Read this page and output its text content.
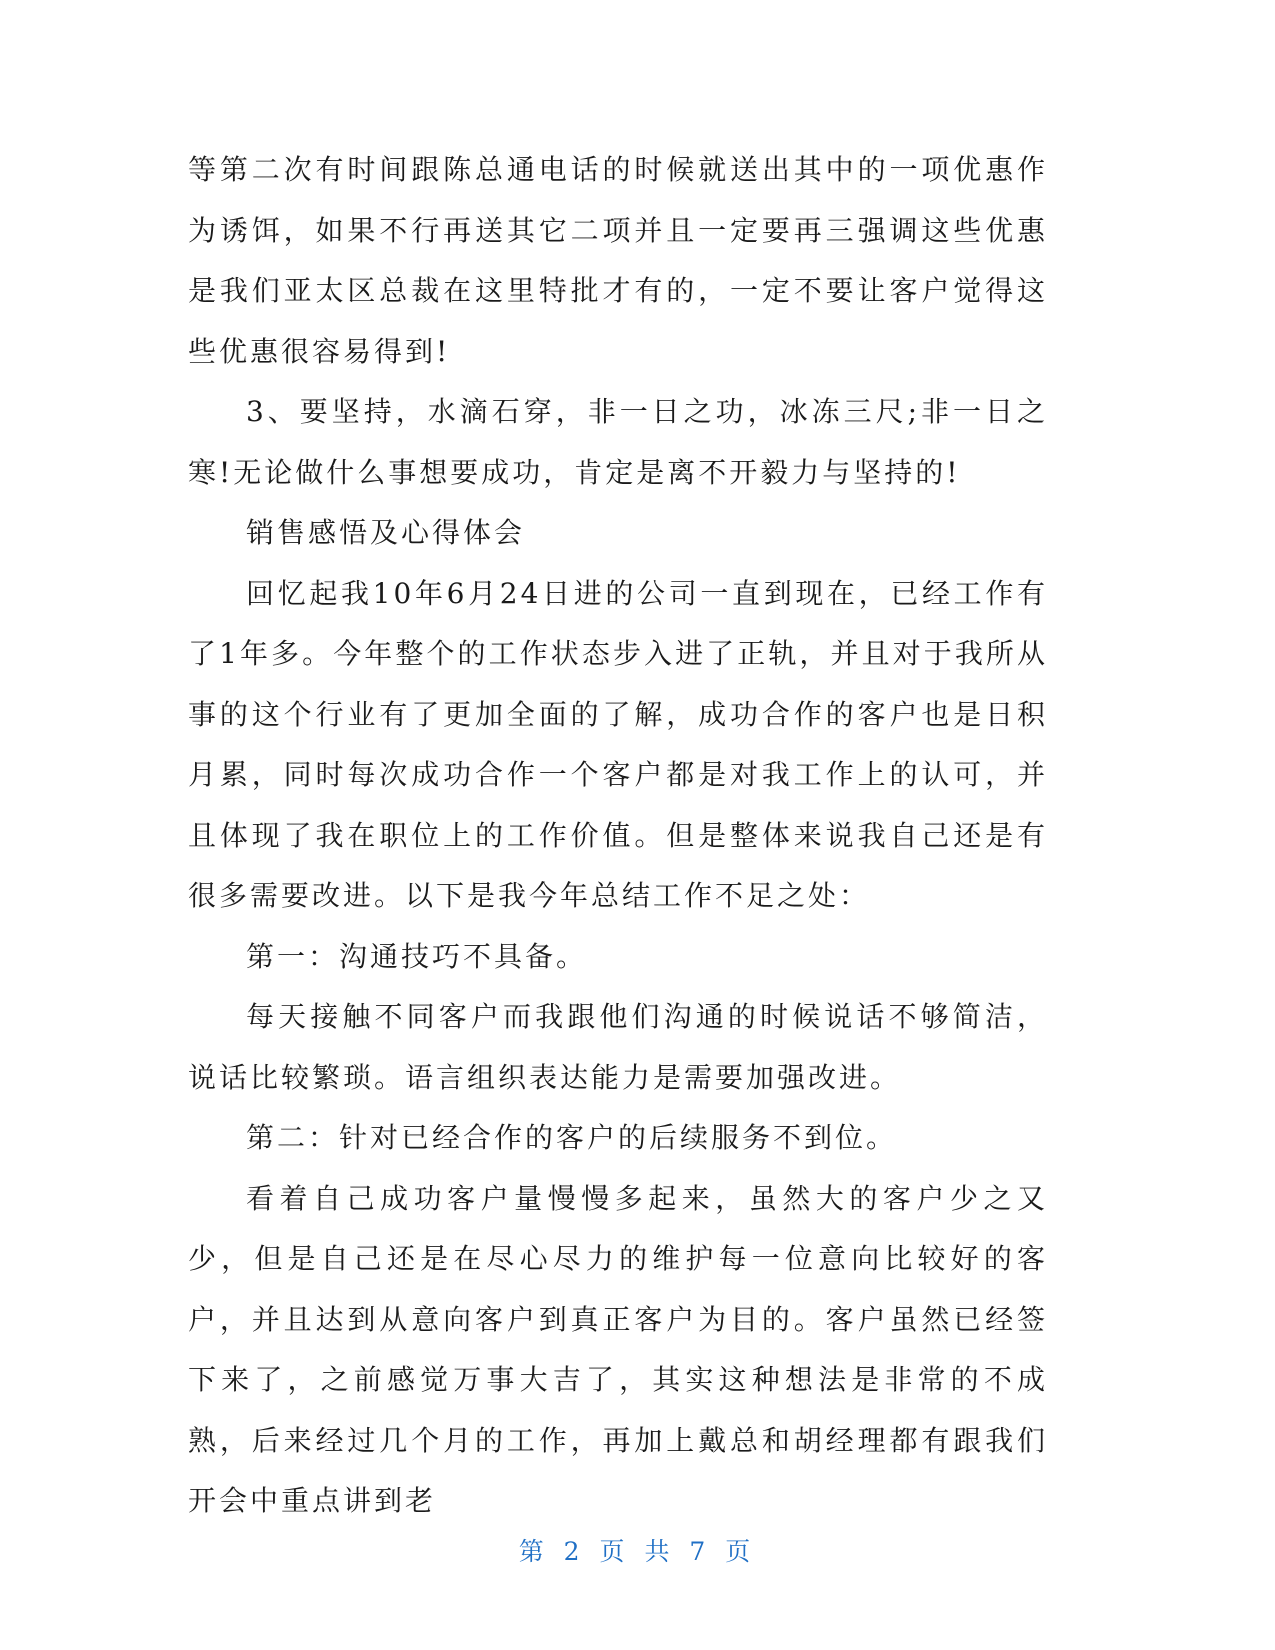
等第二次有时间跟陈总通电话的时候就送出其中的一项优惠作为诱饵，如果不行再送其它二项并且一定要再三强调这些优惠是我们亚太区总裁在这里特批才有的，一定不要让客户觉得这些优惠很容易得到!

3、要坚持，水滴石穿，非一日之功，冰冻三尺;非一日之寒!无论做什么事想要成功，肯定是离不开毅力与坚持的!

销售感悟及心得体会

回忆起我10年6月24日进的公司一直到现在，已经工作有了1年多。今年整个的工作状态步入进了正轨，并且对于我所从事的这个行业有了更加全面的了解，成功合作的客户也是日积月累，同时每次成功合作一个客户都是对我工作上的认可，并且体现了我在职位上的工作价值。但是整体来说我自己还是有很多需要改进。以下是我今年总结工作不足之处：

第一：沟通技巧不具备。

每天接触不同客户而我跟他们沟通的时候说话不够简洁，说话比较繁琐。语言组织表达能力是需要加强改进。

第二：针对已经合作的客户的后续服务不到位。

看着自己成功客户量慢慢多起来，虽然大的客户少之又少，但是自己还是在尽心尽力的维护每一位意向比较好的客户，并且达到从意向客户到真正客户为目的。客户虽然已经签下来了，之前感觉万事大吉了，其实这种想法是非常的不成熟，后来经过几个月的工作，再加上戴总和胡经理都有跟我们开会中重点讲到老

第 2 页 共 7 页
